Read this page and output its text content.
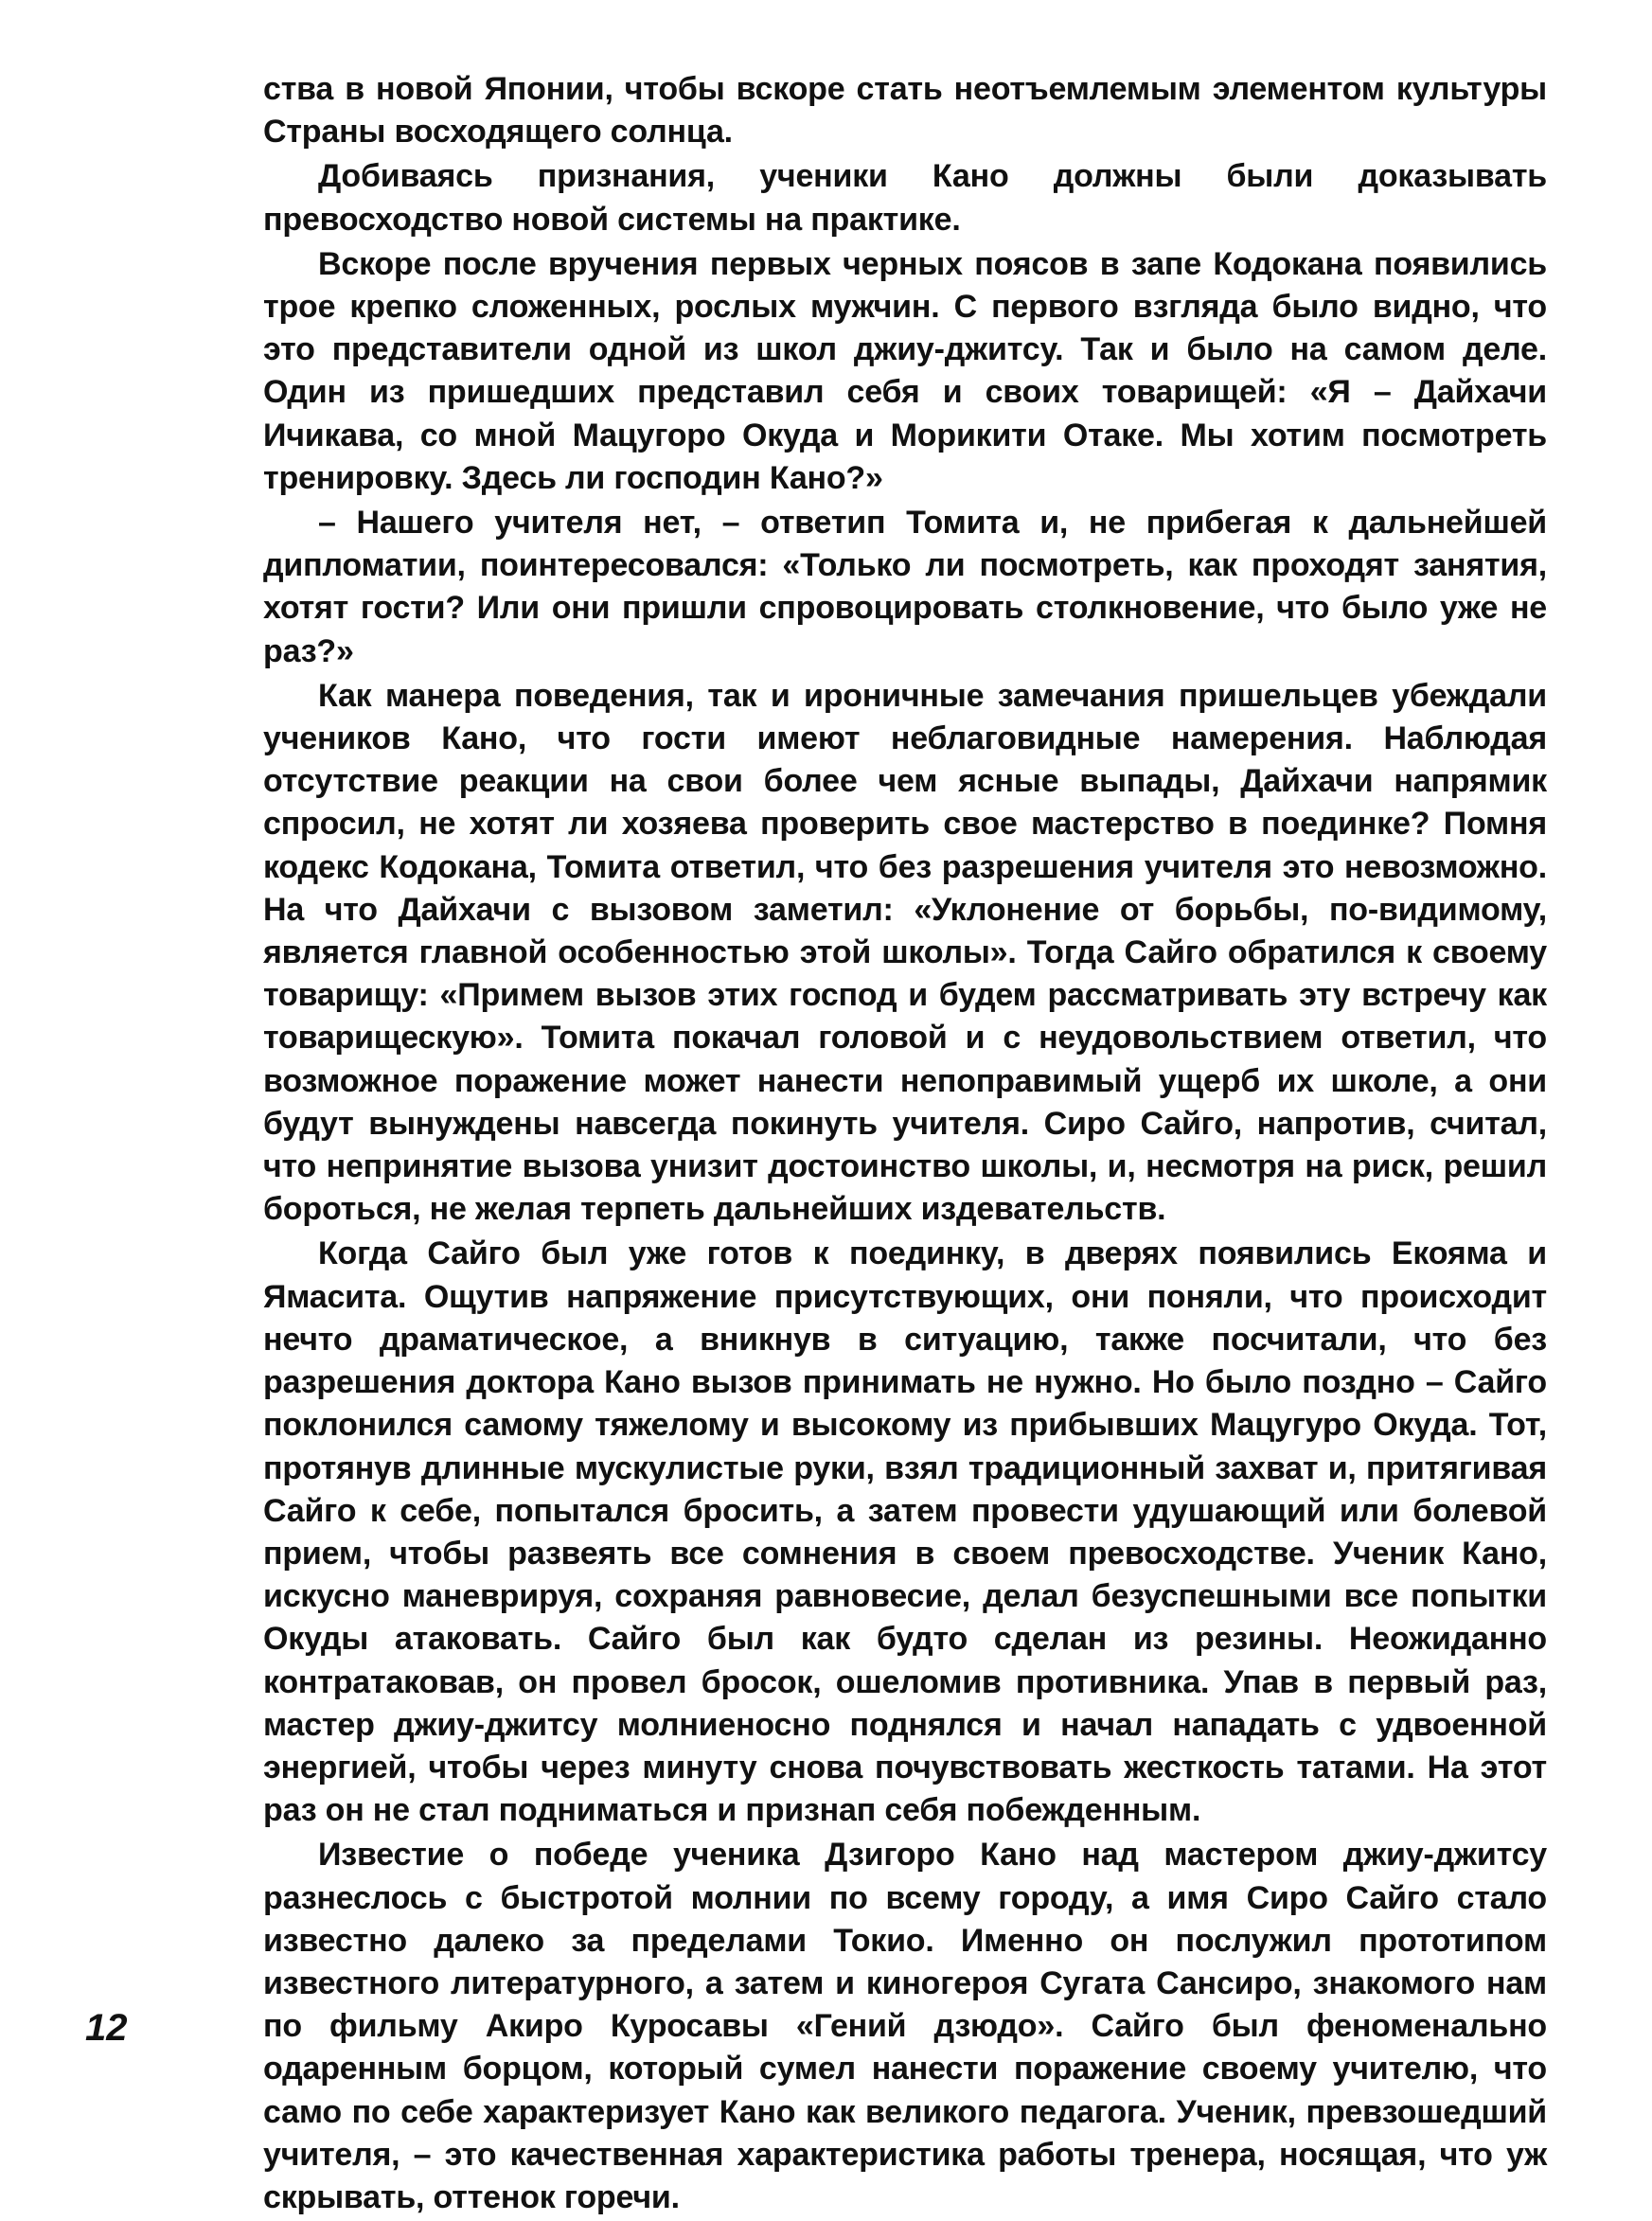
ства в новой Японии, чтобы вскоре стать неотъемлемым элементом культуры Страны восходящего солнца.

Добиваясь признания, ученики Кано должны были доказывать превосходство новой системы на практике.

Вскоре после вручения первых черных поясов в запе Кодокана появились трое крепко сложенных, рослых мужчин. С первого взгляда было видно, что это представители одной из школ джиу-джитсу. Так и было на самом деле. Один из пришедших представил себя и своих товарищей: «Я – Дайхачи Ичикава, со мной Мацугоро Окуда и Морикити Отаке. Мы хотим посмотреть тренировку. Здесь ли господин Кано?»

– Нашего учителя нет, – ответип Томита и, не прибегая к дальнейшей дипломатии, поинтересовался: «Только ли посмотреть, как проходят занятия, хотят гости? Или они пришли спровоцировать столкновение, что было уже не раз?»

Как манера поведения, так и ироничные замечания пришельцев убеждали учеников Кано, что гости имеют неблаговидные намерения. Наблюдая отсутствие реакции на свои более чем ясные выпады, Дайхачи напрямик спросил, не хотят ли хозяева проверить свое мастерство в поединке? Помня кодекс Кодокана, Томита ответил, что без разрешения учителя это невозможно. На что Дайхачи с вызовом заметил: «Уклонение от борьбы, по-видимому, является главной особенностью этой школы». Тогда Сайго обратился к своему товарищу: «Примем вызов этих господ и будем рассматривать эту встречу как товарищескую». Томита покачал головой и с неудовольствием ответил, что возможное поражение может нанести непоправимый ущерб их школе, а они будут вынуждены навсегда покинуть учителя. Сиро Сайго, напротив, считал, что непринятие вызова унизит достоинство школы, и, несмотря на риск, решил бороться, не желая терпеть дальнейших издевательств.

Когда Сайго был уже готов к поединку, в дверях появились Екояма и Ямасита. Ощутив напряжение присутствующих, они поняли, что происходит нечто драматическое, а вникнув в ситуацию, также посчитали, что без разрешения доктора Кано вызов принимать не нужно. Но было поздно – Сайго поклонился самому тяжелому и высокому из прибывших Мацугуро Окуда. Тот, протянув длинные мускулистые руки, взял традиционный захват и, притягивая Сайго к себе, попытался бросить, а затем провести удушающий или болевой прием, чтобы развеять все сомнения в своем превосходстве. Ученик Кано, искусно маневрируя, сохраняя равновесие, делал безуспешными все попытки Окуды атаковать. Сайго был как будто сделан из резины. Неожиданно контратаковав, он провел бросок, ошеломив противника. Упав в первый раз, мастер джиу-джитсу молниеносно поднялся и начал нападать с удвоенной энергией, чтобы через минуту снова почувствовать жесткость татами. На этот раз он не стал подниматься и признап себя побежденным.

Известие о победе ученика Дзигоро Кано над мастером джиу-джитсу разнеслось с быстротой молнии по всему городу, а имя Сиро Сайго стало известно далеко за пределами Токио. Именно он послужил прототипом известного литературного, а затем и киногероя Сугата Сансиро, знакомого нам по фильму Акиро Куросавы «Гений дзюдо». Сайго был феноменально одаренным борцом, который сумел нанести поражение своему учителю, что само по себе характеризует Кано как великого педагога. Ученик, превзошедший учителя, – это качественная характеристика работы тренера, носящая, что уж скрывать, оттенок горечи.

12
